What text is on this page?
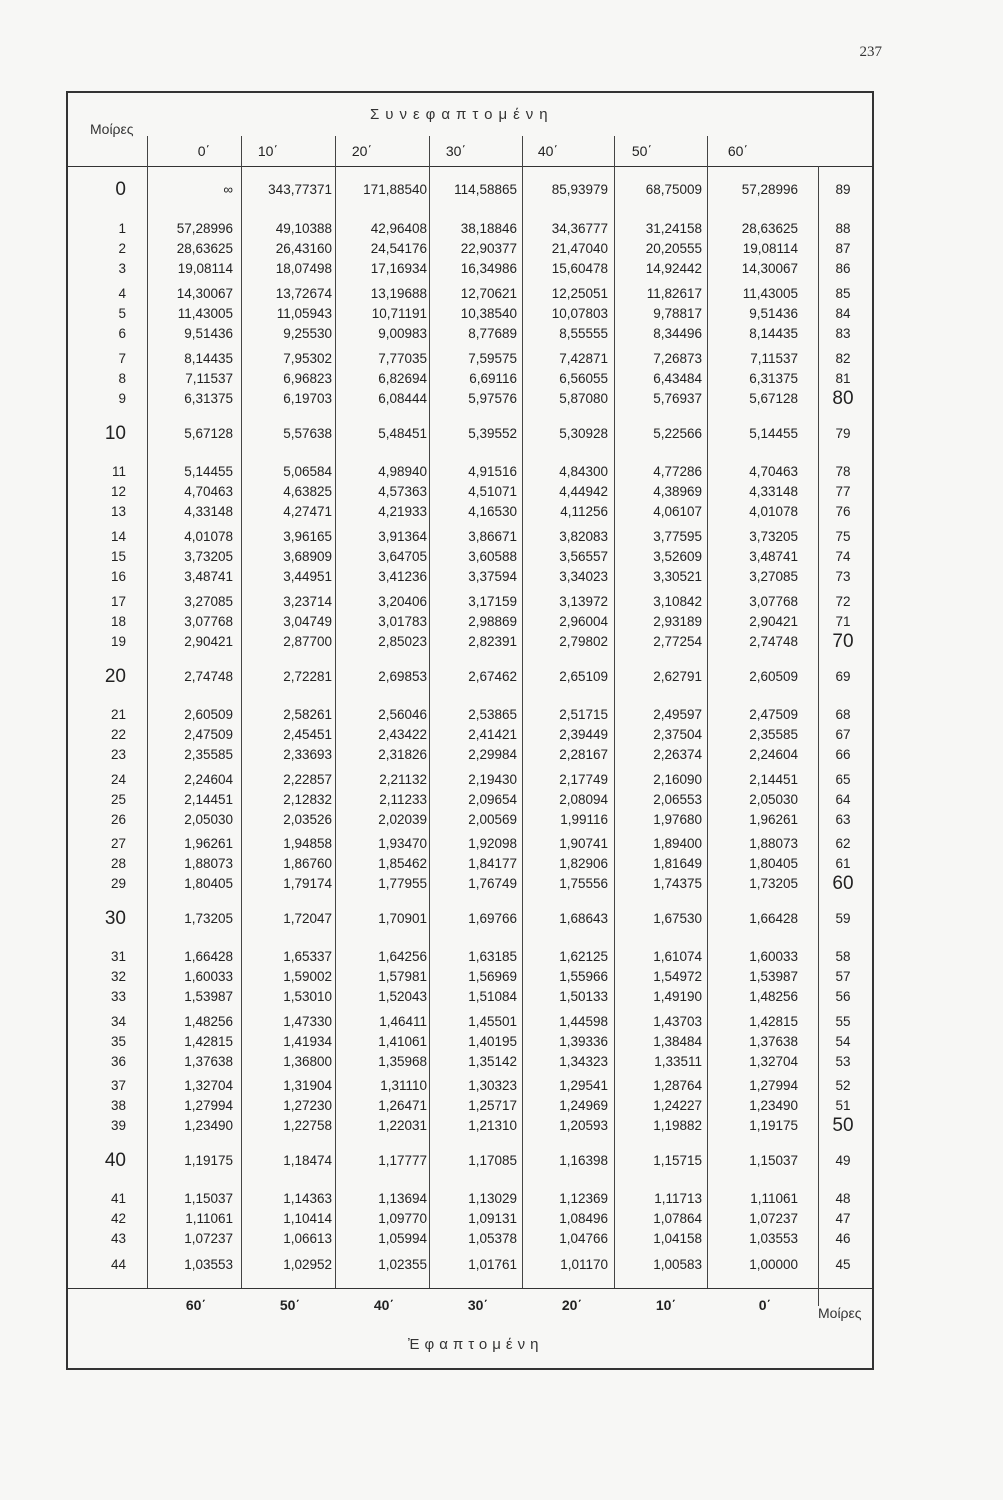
237
Μοίρες
Συνεφαπτομένη
0΄	10΄	20΄	30΄	40΄	50΄	60΄
60΄	50΄	40΄	30΄	20΄	10΄	0΄	Μοίρες
Ἐφαπτομένη
0	∞	343,77371	171,88540	114,58865	85,93979	68,75009	57,28996	89
1	57,28996	49,10388	42,96408	38,18846	34,36777	31,24158	28,63625	88
2	28,63625	26,43160	24,54176	22,90377	21,47040	20,20555	19,08114	87
3	19,08114	18,07498	17,16934	16,34986	15,60478	14,92442	14,30067	86
4	14,30067	13,72674	13,19688	12,70621	12,25051	11,82617	11,43005	85
5	11,43005	11,05943	10,71191	10,38540	10,07803	9,78817	9,51436	84
6	9,51436	9,25530	9,00983	8,77689	8,55555	8,34496	8,14435	83
7	8,14435	7,95302	7,77035	7,59575	7,42871	7,26873	7,11537	82
8	7,11537	6,96823	6,82694	6,69116	6,56055	6,43484	6,31375	81
9	6,31375	6,19703	6,08444	5,97576	5,87080	5,76937	5,67128	80
10	5,67128	5,57638	5,48451	5,39552	5,30928	5,22566	5,14455	79
11	5,14455	5,06584	4,98940	4,91516	4,84300	4,77286	4,70463	78
12	4,70463	4,63825	4,57363	4,51071	4,44942	4,38969	4,33148	77
13	4,33148	4,27471	4,21933	4,16530	4,11256	4,06107	4,01078	76
14	4,01078	3,96165	3,91364	3,86671	3,82083	3,77595	3,73205	75
15	3,73205	3,68909	3,64705	3,60588	3,56557	3,52609	3,48741	74
16	3,48741	3,44951	3,41236	3,37594	3,34023	3,30521	3,27085	73
17	3,27085	3,23714	3,20406	3,17159	3,13972	3,10842	3,07768	72
18	3,07768	3,04749	3,01783	2,98869	2,96004	2,93189	2,90421	71
19	2,90421	2,87700	2,85023	2,82391	2,79802	2,77254	2,74748	70
20	2,74748	2,72281	2,69853	2,67462	2,65109	2,62791	2,60509	69
21	2,60509	2,58261	2,56046	2,53865	2,51715	2,49597	2,47509	68
22	2,47509	2,45451	2,43422	2,41421	2,39449	2,37504	2,35585	67
23	2,35585	2,33693	2,31826	2,29984	2,28167	2,26374	2,24604	66
24	2,24604	2,22857	2,21132	2,19430	2,17749	2,16090	2,14451	65
25	2,14451	2,12832	2,11233	2,09654	2,08094	2,06553	2,05030	64
26	2,05030	2,03526	2,02039	2,00569	1,99116	1,97680	1,96261	63
27	1,96261	1,94858	1,93470	1,92098	1,90741	1,89400	1,88073	62
28	1,88073	1,86760	1,85462	1,84177	1,82906	1,81649	1,80405	61
29	1,80405	1,79174	1,77955	1,76749	1,75556	1,74375	1,73205	60
30	1,73205	1,72047	1,70901	1,69766	1,68643	1,67530	1,66428	59
31	1,66428	1,65337	1,64256	1,63185	1,62125	1,61074	1,60033	58
32	1,60033	1,59002	1,57981	1,56969	1,55966	1,54972	1,53987	57
33	1,53987	1,53010	1,52043	1,51084	1,50133	1,49190	1,48256	56
34	1,48256	1,47330	1,46411	1,45501	1,44598	1,43703	1,42815	55
35	1,42815	1,41934	1,41061	1,40195	1,39336	1,38484	1,37638	54
36	1,37638	1,36800	1,35968	1,35142	1,34323	1,33511	1,32704	53
37	1,32704	1,31904	1,31110	1,30323	1,29541	1,28764	1,27994	52
38	1,27994	1,27230	1,26471	1,25717	1,24969	1,24227	1,23490	51
39	1,23490	1,22758	1,22031	1,21310	1,20593	1,19882	1,19175	50
40	1,19175	1,18474	1,17777	1,17085	1,16398	1,15715	1,15037	49
41	1,15037	1,14363	1,13694	1,13029	1,12369	1,11713	1,11061	48
42	1,11061	1,10414	1,09770	1,09131	1,08496	1,07864	1,07237	47
43	1,07237	1,06613	1,05994	1,05378	1,04766	1,04158	1,03553	46
44	1,03553	1,02952	1,02355	1,01761	1,01170	1,00583	1,00000	45
